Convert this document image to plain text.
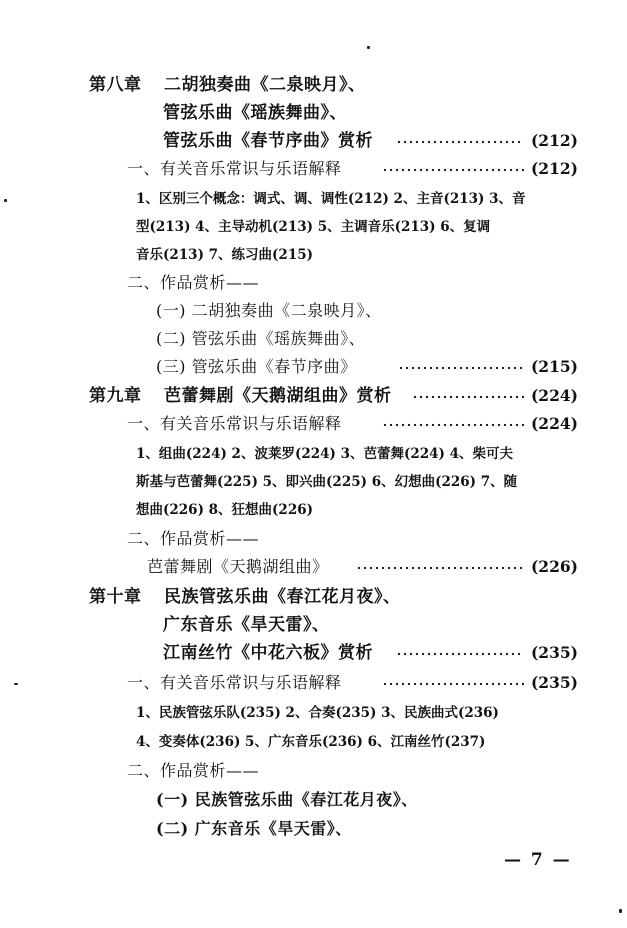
第八章 二胡独奏曲《二泉映月》、
管弦乐曲《瑶族舞曲》、
管弦乐曲《春节序曲》赏析	(212)
一、有关音乐常识与乐语解释	(212)
1、区别三个概念：调式、调、调性(212) 2、主音(213) 3、音
型(213) 4、主导动机(213) 5、主调音乐(213) 6、复调
音乐(213) 7、练习曲(215)
二、作品赏析——
(一) 二胡独奏曲《二泉映月》、
(二) 管弦乐曲《瑶族舞曲》、
(三) 管弦乐曲《春节序曲》	(215)
第九章 芭蕾舞剧《天鹅湖组曲》赏析	(224)
一、有关音乐常识与乐语解释	(224)
1、组曲(224) 2、波莱罗(224) 3、芭蕾舞(224) 4、柴可夫
斯基与芭蕾舞(225) 5、即兴曲(225) 6、幻想曲(226) 7、随
想曲(226) 8、狂想曲(226)
二、作品赏析——
芭蕾舞剧《天鹅湖组曲》	(226)
第十章 民族管弦乐曲《春江花月夜》、
广东音乐《旱天雷》、
江南丝竹《中花六板》赏析	(235)
一、有关音乐常识与乐语解释	(235)
1、民族管弦乐队(235) 2、合奏(235) 3、民族曲式(236)
4、变奏体(236) 5、广东音乐(236) 6、江南丝竹(237)
二、作品赏析——
(一) 民族管弦乐曲《春江花月夜》、
(二) 广东音乐《旱天雷》、
— 7 —
